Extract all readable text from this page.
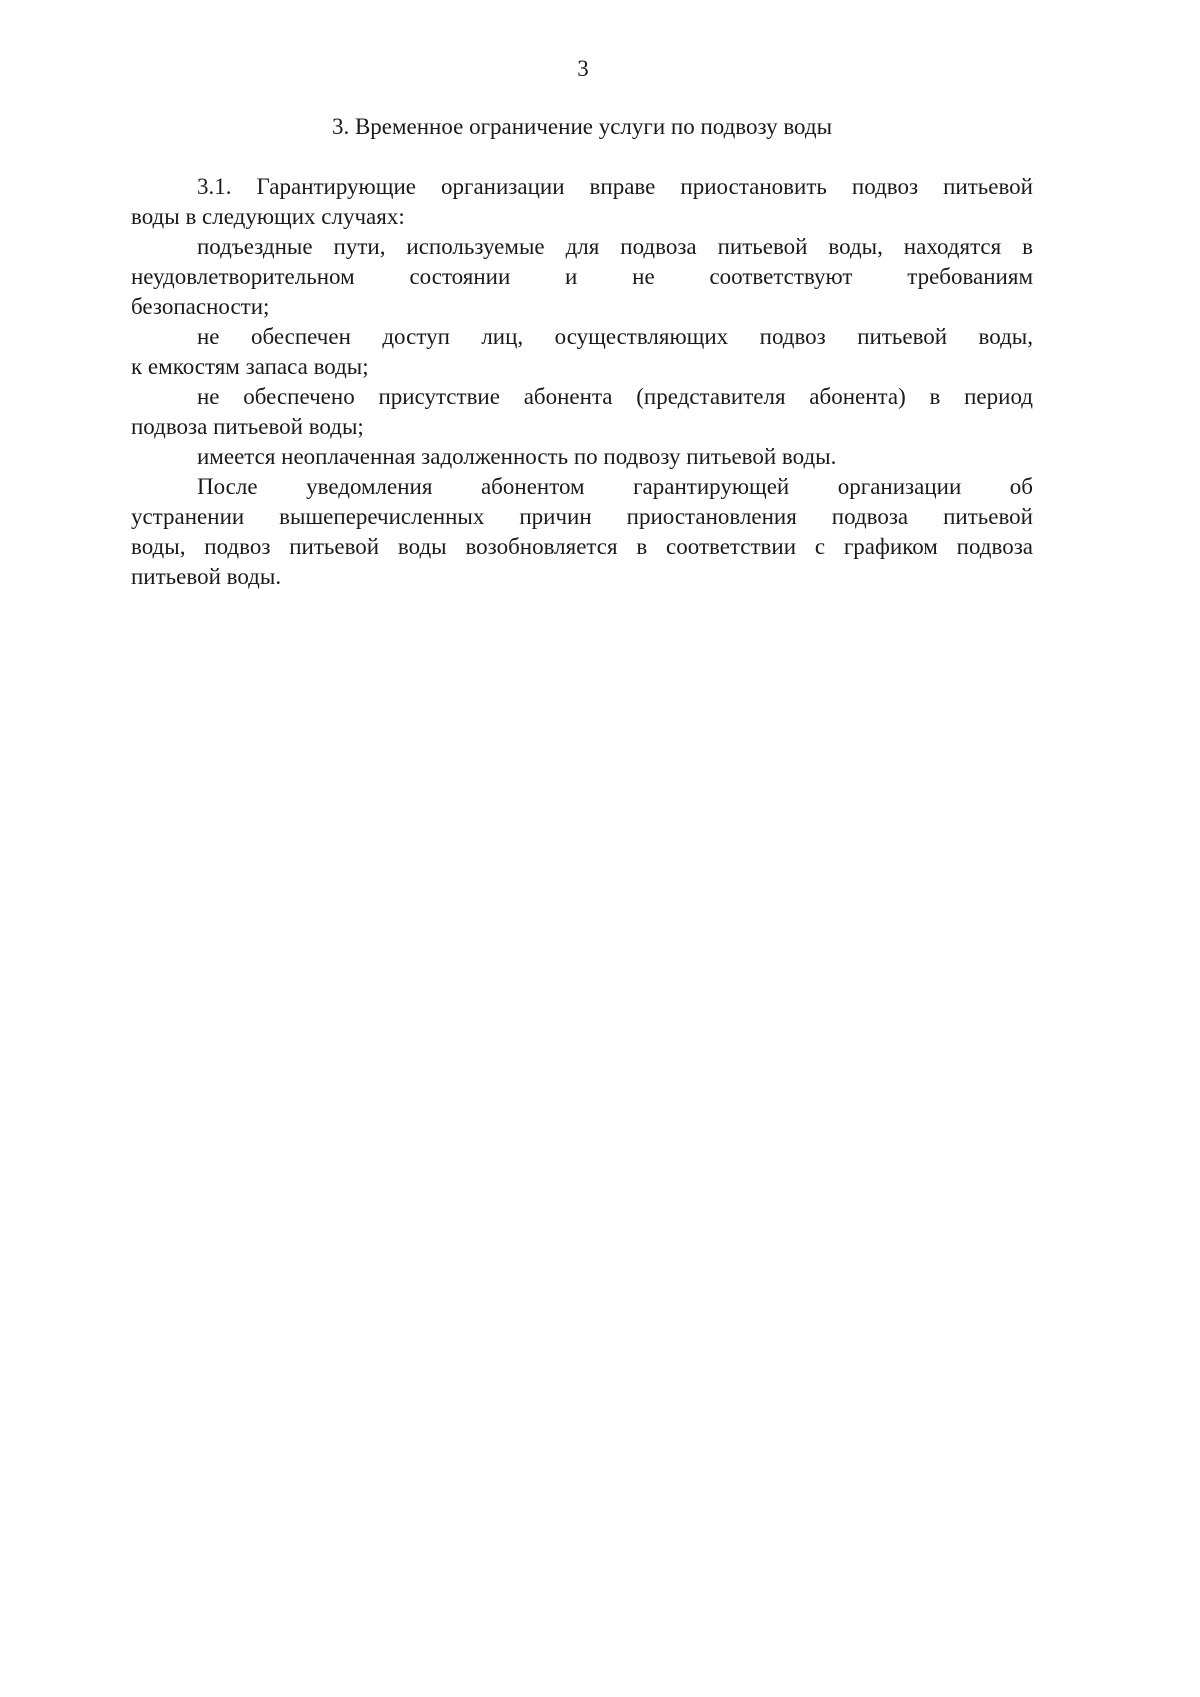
3
3. Временное ограничение услуги по подвозу воды
3.1. Гарантирующие организации вправе приостановить подвоз питьевой
воды в следующих случаях:
подъездные пути, используемые для подвоза питьевой воды, находятся в
неудовлетворительном состоянии и не соответствуют требованиям
безопасности;
не обеспечен доступ лиц, осуществляющих подвоз питьевой воды,
к емкостям запаса воды;
не обеспечено присутствие абонента (представителя абонента) в период
подвоза питьевой воды;
имеется неоплаченная задолженность по подвозу питьевой воды.
После уведомления абонентом гарантирующей организации об
устранении вышеперечисленных причин приостановления подвоза питьевой
воды, подвоз питьевой воды возобновляется в соответствии с графиком подвоза
питьевой воды.
